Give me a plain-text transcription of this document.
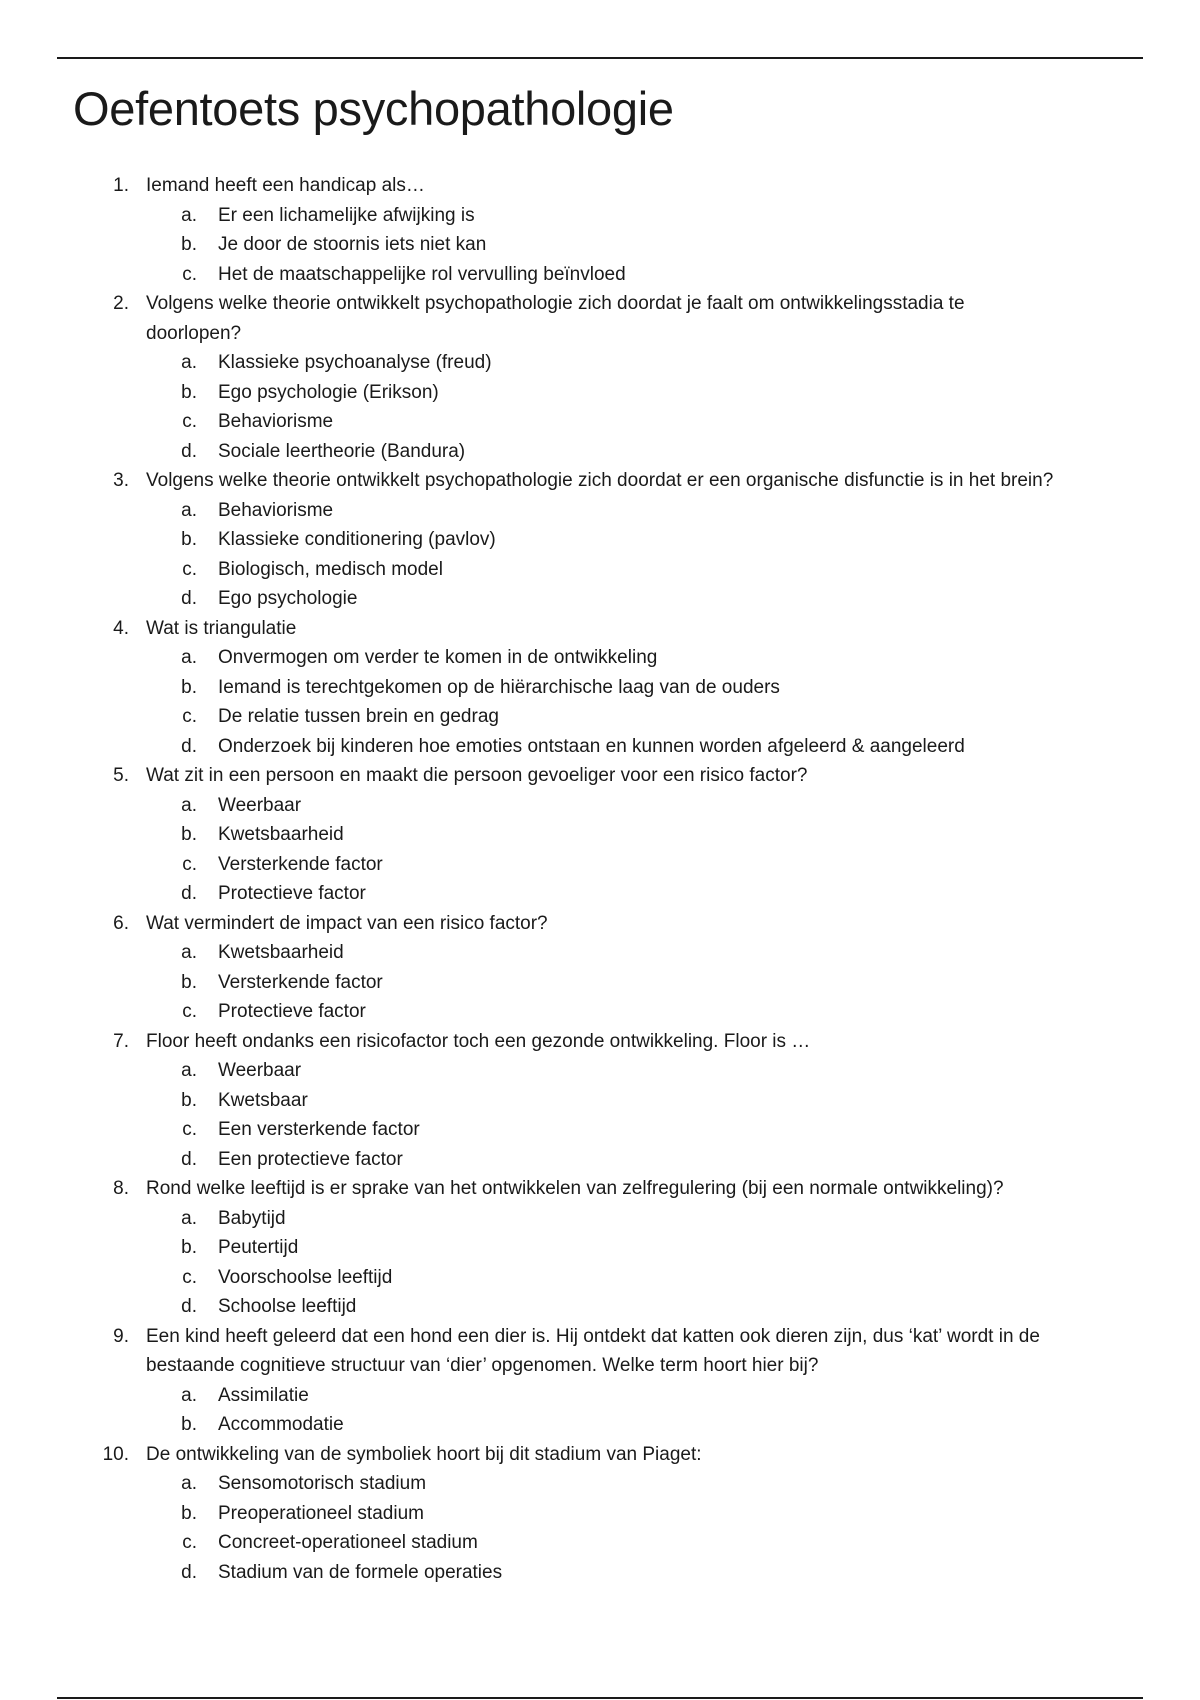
Oefentoets psychopathologie
1. Iemand heeft een handicap als…
a. Er een lichamelijke afwijking is
b. Je door de stoornis iets niet kan
c. Het de maatschappelijke rol vervulling beïnvloed
2. Volgens welke theorie ontwikkelt psychopathologie zich doordat je faalt om ontwikkelingsstadia te
doorlopen?
a. Klassieke psychoanalyse (freud)
b. Ego psychologie (Erikson)
c. Behaviorisme
d. Sociale leertheorie (Bandura)
3. Volgens welke theorie ontwikkelt psychopathologie zich doordat er een organische disfunctie is in het brein?
a. Behaviorisme
b. Klassieke conditionering (pavlov)
c. Biologisch, medisch model
d. Ego psychologie
4. Wat is triangulatie
a. Onvermogen om verder te komen in de ontwikkeling
b. Iemand is terechtgekomen op de hiërarchische laag van de ouders
c. De relatie tussen brein en gedrag
d. Onderzoek bij kinderen hoe emoties ontstaan en kunnen worden afgeleerd & aangeleerd
5. Wat zit in een persoon en maakt die persoon gevoeliger voor een risico factor?
a. Weerbaar
b. Kwetsbaarheid
c. Versterkende factor
d. Protectieve factor
6. Wat vermindert de impact van een risico factor?
a. Kwetsbaarheid
b. Versterkende factor
c. Protectieve factor
7. Floor heeft ondanks een risicofactor toch een gezonde ontwikkeling. Floor is …
a. Weerbaar
b. Kwetsbaar
c. Een versterkende factor
d. Een protectieve factor
8. Rond welke leeftijd is er sprake van het ontwikkelen van zelfregulering (bij een normale ontwikkeling)?
a. Babytijd
b. Peutertijd
c. Voorschoolse leeftijd
d. Schoolse leeftijd
9. Een kind heeft geleerd dat een hond een dier is. Hij ontdekt dat katten ook dieren zijn, dus ‘kat’ wordt in de
bestaande cognitieve structuur van ‘dier’ opgenomen. Welke term hoort hier bij?
a. Assimilatie
b. Accommodatie
10. De ontwikkeling van de symboliek hoort bij dit stadium van Piaget:
a. Sensomotorisch stadium
b. Preoperationeel stadium
c. Concreet-operationeel stadium
d. Stadium van de formele operaties
